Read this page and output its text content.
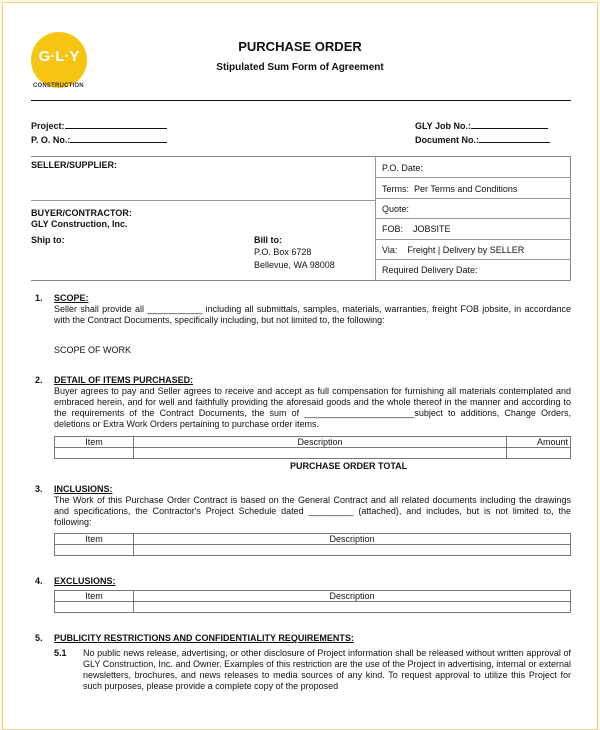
G·L·Y
CONSTRUCTION
PURCHASE ORDER
Stipulated Sum Form of Agreement
Project:
P. O. No.:
GLY Job No.:
Document No.:
SELLER/SUPPLIER:
BUYER/CONTRACTOR:
GLY Construction, Inc.
Ship to:	Bill to:
P.O. Box 6728
Bellevue, WA 98008
P.O. Date:
Terms:  Per Terms and Conditions
Quote:
FOB:    JOBSITE
Via:    Freight | Delivery by SELLER
Required Delivery Date:
1. SCOPE:
Seller shall provide all ___________ including all submittals, samples, materials, warranties, freight FOB jobsite, in accordance with the Contract Documents, specifically including, but not limited to, the following:
SCOPE OF WORK
2. DETAIL OF ITEMS PURCHASED:
Buyer agrees to pay and Seller agrees to receive and accept as full compensation for furnishing all materials contemplated and embraced herein, and for well and faithfully providing the aforesaid goods and the whole thereof in the manner and according to the requirements of the Contract Documents, the sum of ______________________subject to additions, Change Orders, deletions or Extra Work Orders pertaining to purchase order items.
Item	Description	Amount

PURCHASE ORDER TOTAL
3. INCLUSIONS:
The Work of this Purchase Order Contract is based on the General Contract and all related documents including the drawings and specifications, the Contractor's Project Schedule dated _________ (attached), and includes, but is not limited to, the following:
Item	Description

4. EXCLUSIONS:
Item	Description

5. PUBLICITY RESTRICTIONS AND CONFIDENTIALITY REQUIREMENTS:
5.1 No public news release, advertising, or other disclosure of Project information shall be released without written approval of GLY Construction, Inc. and Owner. Examples of this restriction are the use of the Project in advertising, internal or external newsletters, brochures, and news releases to media sources of any kind. To request approval to utilize this Project for such purposes, please provide a complete copy of the proposed
